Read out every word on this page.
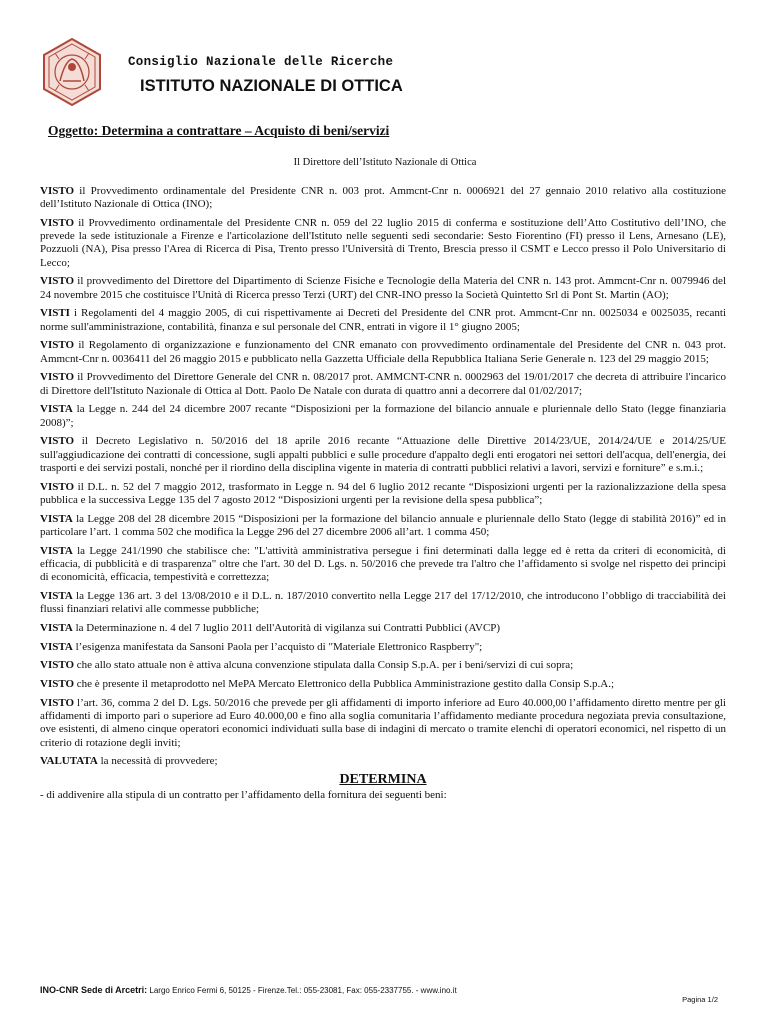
Consiglio Nazionale delle Ricerche
ISTITUTO NAZIONALE DI OTTICA
Oggetto: Determina a contrattare – Acquisto di beni/servizi
Il Direttore dell’Istituto Nazionale di Ottica

VISTO il Provvedimento ordinamentale del Presidente CNR n. 003 prot. Ammcnt-Cnr n. 0006921 del 27 gennaio 2010 relativo alla costituzione dell’Istituto Nazionale di Ottica (INO);

VISTO il Provvedimento ordinamentale del Presidente CNR n. 059 del 22 luglio 2015 di conferma e sostituzione dell’Atto Costitutivo dell’INO, che prevede la sede istituzionale a Firenze e l'articolazione dell'Istituto nelle seguenti sedi secondarie: Sesto Fiorentino (FI) presso il Lens, Arnesano (LE), Pozzuoli (NA), Pisa presso l'Area di Ricerca di Pisa, Trento presso l'Università di Trento, Brescia presso il CSMT e Lecco presso il Polo Universitario di Lecco;

VISTO il provvedimento del Direttore del Dipartimento di Scienze Fisiche e Tecnologie della Materia del CNR n. 143 prot. Ammcnt-Cnr n. 0079946 del 24 novembre 2015 che costituisce l'Unità di Ricerca presso Terzi (URT) del CNR-INO presso la Società Quintetto Srl di Pont St. Martin (AO);

VISTI i Regolamenti del 4 maggio 2005, di cui rispettivamente ai Decreti del Presidente del CNR prot. Ammcnt-Cnr nn. 0025034 e 0025035, recanti norme sull'amministrazione, contabilità, finanza e sul personale del CNR, entrati in vigore il 1° giugno 2005;

VISTO il Regolamento di organizzazione e funzionamento del CNR emanato con provvedimento ordinamentale del Presidente del CNR n. 043 prot. Ammcnt-Cnr n. 0036411 del 26 maggio 2015 e pubblicato nella Gazzetta Ufficiale della Repubblica Italiana Serie Generale n. 123 del 29 maggio 2015;

VISTO il Provvedimento del Direttore Generale del CNR n. 08/2017 prot. AMMCNT-CNR n. 0002963 del 19/01/2017 che decreta di attribuire l'incarico di Direttore dell'Istituto Nazionale di Ottica al Dott. Paolo De Natale con durata di quattro anni a decorrere dal 01/02/2017;

VISTA la Legge n. 244 del 24 dicembre 2007 recante “Disposizioni per la formazione del bilancio annuale e pluriennale dello Stato (legge finanziaria 2008)”;

VISTO il Decreto Legislativo n. 50/2016 del 18 aprile 2016 recante “Attuazione delle Direttive 2014/23/UE, 2014/24/UE e 2014/25/UE sull'aggiudicazione dei contratti di concessione, sugli appalti pubblici e sulle procedure d'appalto degli enti erogatori nei settori dell'acqua, dell'energia, dei trasporti e dei servizi postali, nonché per il riordino della disciplina vigente in materia di contratti pubblici relativi a lavori, servizi e forniture” e s.m.i.;

VISTO il D.L. n. 52 del 7 maggio 2012, trasformato in Legge n. 94 del 6 luglio 2012 recante “Disposizioni urgenti per la razionalizzazione della spesa pubblica e la successiva Legge 135 del 7 agosto 2012 “Disposizioni urgenti per la revisione della spesa pubblica”;

VISTA la Legge 208 del 28 dicembre 2015 “Disposizioni per la formazione del bilancio annuale e pluriennale dello Stato (legge di stabilità 2016)” ed in particolare l’art. 1 comma 502 che modifica la Legge 296 del 27 dicembre 2006 all’art. 1 comma 450;

VISTA la Legge 241/1990 che stabilisce che: "L'attività amministrativa persegue i fini determinati dalla legge ed è retta da criteri di economicità, di efficacia, di pubblicità e di trasparenza" oltre che l'art. 30 del D. Lgs. n. 50/2016 che prevede tra l'altro che l’affidamento si svolge nel rispetto dei principi di economicità, efficacia, tempestività e correttezza;

VISTA la Legge 136 art. 3 del 13/08/2010 e il D.L. n. 187/2010 convertito nella Legge 217 del 17/12/2010, che introducono l’obbligo di tracciabilità dei flussi finanziari relativi alle commesse pubbliche;

VISTA la Determinazione n. 4 del 7 luglio 2011 dell'Autorità di vigilanza sui Contratti Pubblici (AVCP)

VISTA l’esigenza manifestata da Sansoni Paola per l’acquisto di "Materiale Elettronico Raspberry";

VISTO che allo stato attuale non è attiva alcuna convenzione stipulata dalla Consip S.p.A. per i beni/servizi di cui sopra;

VISTO che è presente il metaprodotto nel MePA Mercato Elettronico della Pubblica Amministrazione gestito dalla Consip S.p.A.;

VISTO l’art. 36, comma 2 del D. Lgs. 50/2016 che prevede per gli affidamenti di importo inferiore ad Euro 40.000,00 l’affidamento diretto mentre per gli affidamenti di importo pari o superiore ad Euro 40.000,00 e fino alla soglia comunitaria l’affidamento mediante procedura negoziata previa consultazione, ove esistenti, di almeno cinque operatori economici individuati sulla base di indagini di mercato o tramite elenchi di operatori economici, nel rispetto di un criterio di rotazione degli inviti;

VALUTATA la necessità di provvedere;

DETERMINA

- di addivenire alla stipula di un contratto per l’affidamento della fornitura dei seguenti beni:

INO-CNR Sede di Arcetri: Largo Enrico Fermi 6, 50125 - Firenze.Tel.: 055-23081, Fax: 055-2337755. - www.ino.it
Pagina 1/2
